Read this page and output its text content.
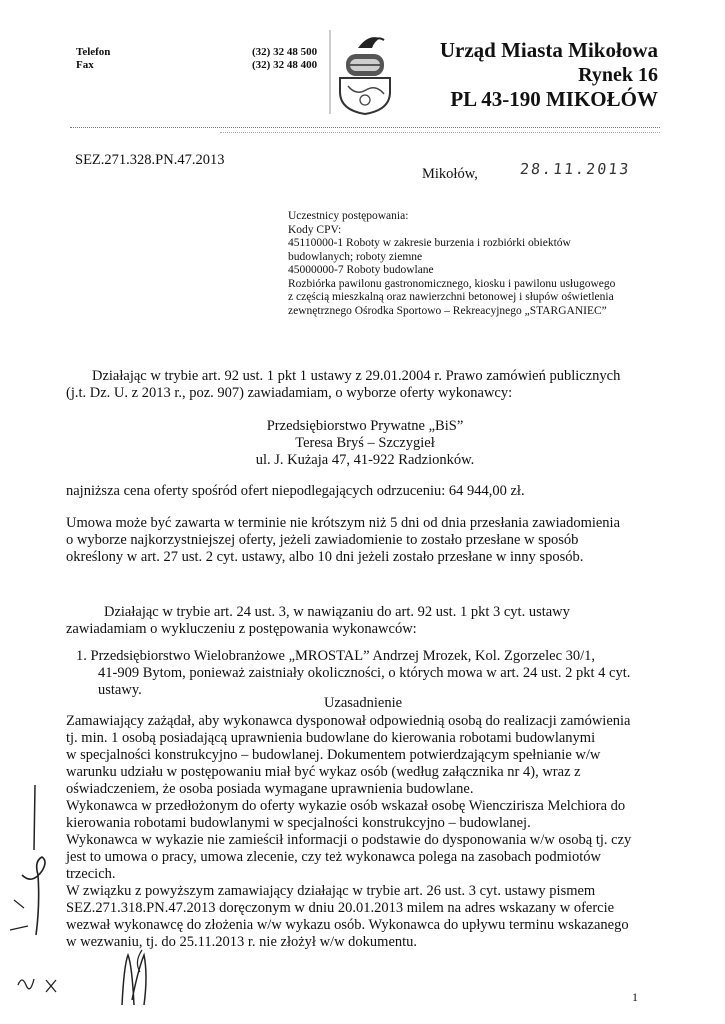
Telefon
Fax
(32) 32 48 500
(32) 32 48 400
Urząd Miasta Mikołowa
Rynek 16
PL 43-190 MIKOŁÓW
SEZ.271.328.PN.47.2013
Mikołów,	28.11.2013
Uczestnicy postępowania:
Kody CPV:
45110000-1 Roboty w zakresie burzenia i rozbiórki obiektów
budowlanych; roboty ziemne
45000000-7 Roboty budowlane
Rozbiórka pawilonu gastronomicznego, kiosku i pawilonu usługowego
z częścią mieszkalną oraz nawierzchni betonowej i słupów oświetlenia
zewnętrznego Ośrodka Sportowo – Rekreacyjnego „STARGANIEC”
Działając w trybie art. 92 ust. 1 pkt 1 ustawy z 29.01.2004 r. Prawo zamówień publicznych
(j.t. Dz. U. z 2013 r., poz. 907) zawiadamiam, o wyborze oferty wykonawcy:
Przedsiębiorstwo Prywatne „BiS”
Teresa Bryś – Szczygieł
ul. J. Kużaja 47, 41-922 Radzionków.
najniższa cena oferty spośród ofert niepodlegających odrzuceniu: 64 944,00 zł.
Umowa może być zawarta w terminie nie krótszym niż 5 dni od dnia przesłania zawiadomienia
o wyborze najkorzystniejszej oferty, jeżeli zawiadomienie to zostało przesłane w sposób
określony w art. 27 ust. 2 cyt. ustawy, albo 10 dni jeżeli zostało przesłane w inny sposób.
Działając w trybie art. 24 ust. 3, w nawiązaniu do art. 92 ust. 1 pkt 3 cyt. ustawy
zawiadamiam o wykluczeniu z postępowania wykonawców:
1. Przedsiębiorstwo Wielobranżowe „MROSTAL” Andrzej Mrozek, Kol. Zgorzelec 30/1,
41-909 Bytom, ponieważ zaistniały okoliczności, o których mowa w art. 24 ust. 2 pkt 4 cyt.
ustawy.
Uzasadnienie
Zamawiający zażądał, aby wykonawca dysponował odpowiednią osobą do realizacji zamówienia
tj. min. 1 osobą posiadającą uprawnienia budowlane do kierowania robotami budowlanymi
w specjalności konstrukcyjno – budowlanej. Dokumentem potwierdzającym spełnianie w/w
warunku udziału w postępowaniu miał być wykaz osób (według załącznika nr 4), wraz z
oświadczeniem, że osoba posiada wymagane uprawnienia budowlane.
Wykonawca w przedłożonym do oferty wykazie osób wskazał osobę Wienczirisza Melchiora do
kierowania robotami budowlanymi w specjalności konstrukcyjno – budowlanej.
Wykonawca w wykazie nie zamieścił informacji o podstawie do dysponowania w/w osobą tj. czy
jest to umowa o pracy, umowa zlecenie, czy też wykonawca polega na zasobach podmiotów
trzecich.
W związku z powyższym zamawiający działając w trybie art. 26 ust. 3 cyt. ustawy pismem
SEZ.271.318.PN.47.2013 doręczonym w dniu 20.01.2013 milem na adres wskazany w ofercie
wezwał wykonawcę do złożenia w/w wykazu osób. Wykonawca do upływu terminu wskazanego
w wezwaniu, tj. do 25.11.2013 r. nie złożył w/w dokumentu.
1
